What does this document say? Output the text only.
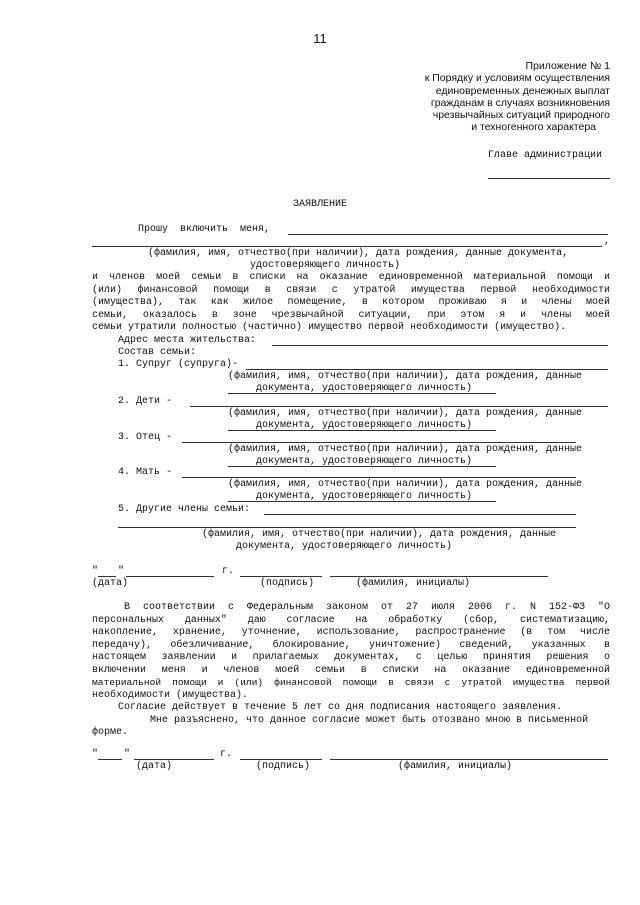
11
Приложение № 1
к Порядку и условиям осуществления
единовременных денежных выплат
гражданам в случаях возникновения
чрезвычайных ситуаций природного
и техногенного характера
Главе администрации
ЗАЯВЛЕНИЕ
Прошу  включить  меня,
,
(фамилия, имя, отчество(при наличии), дата рождения, данные документа,
удостоверяющего личность)
и членов моей семьи в списки на оказание единовременной материальной помощи и
(или) финансовой помощи в связи с утратой имущества первой необходимости
(имущества), так как жилое помещение, в котором проживаю я и члены моей
семьи, оказалось в зоне чрезвычайной ситуации, при этом я и члены моей
семьи утратили полностью (частично) имущество первой необходимости (имущество).
Адрес места жительства:
Состав семьи:
1. Супруг (супруга)-
(фамилия, имя, отчество(при наличии), дата рождения, данные
документа, удостоверяющего личность)
2. Дети -
(фамилия, имя, отчество(при наличии), дата рождения, данные
документа, удостоверяющего личность)
3. Отец -
(фамилия, имя, отчество(при наличии), дата рождения, данные
документа, удостоверяющего личность)
4. Мать -
(фамилия, имя, отчество(при наличии), дата рождения, данные
документа, удостоверяющего личность)
5. Другие члены семьи:
(фамилия, имя, отчество(при наличии), дата рождения, данные
документа, удостоверяющего личность)
" "	г.
(дата)	(подпись)	(фамилия, инициалы)
В соответствии с Федеральным законом от 27 июля 2006 г. N 152-ФЗ "О
персональных данных" даю согласие на обработку (сбор, систематизацию,
накопление, хранение, уточнение, использование, распространение (в том числе
передачу), обезличивание, блокирование, уничтожение) сведений, указанных в
настоящем заявлении и прилагаемых документах, с целью принятия решения о
включении меня и членов моей семьи в списки на оказание единовременной
материальной помощи и (или) финансовой помощи в связи с утратой имущества первой
необходимости (имущества).
Согласие действует в течение 5 лет со дня подписания настоящего заявления.
Мне разъяснено, что данное согласие может быть отозвано мною в письменной
форме.
"	"	г.
(дата)	(подпись)	(фамилия, инициалы)
